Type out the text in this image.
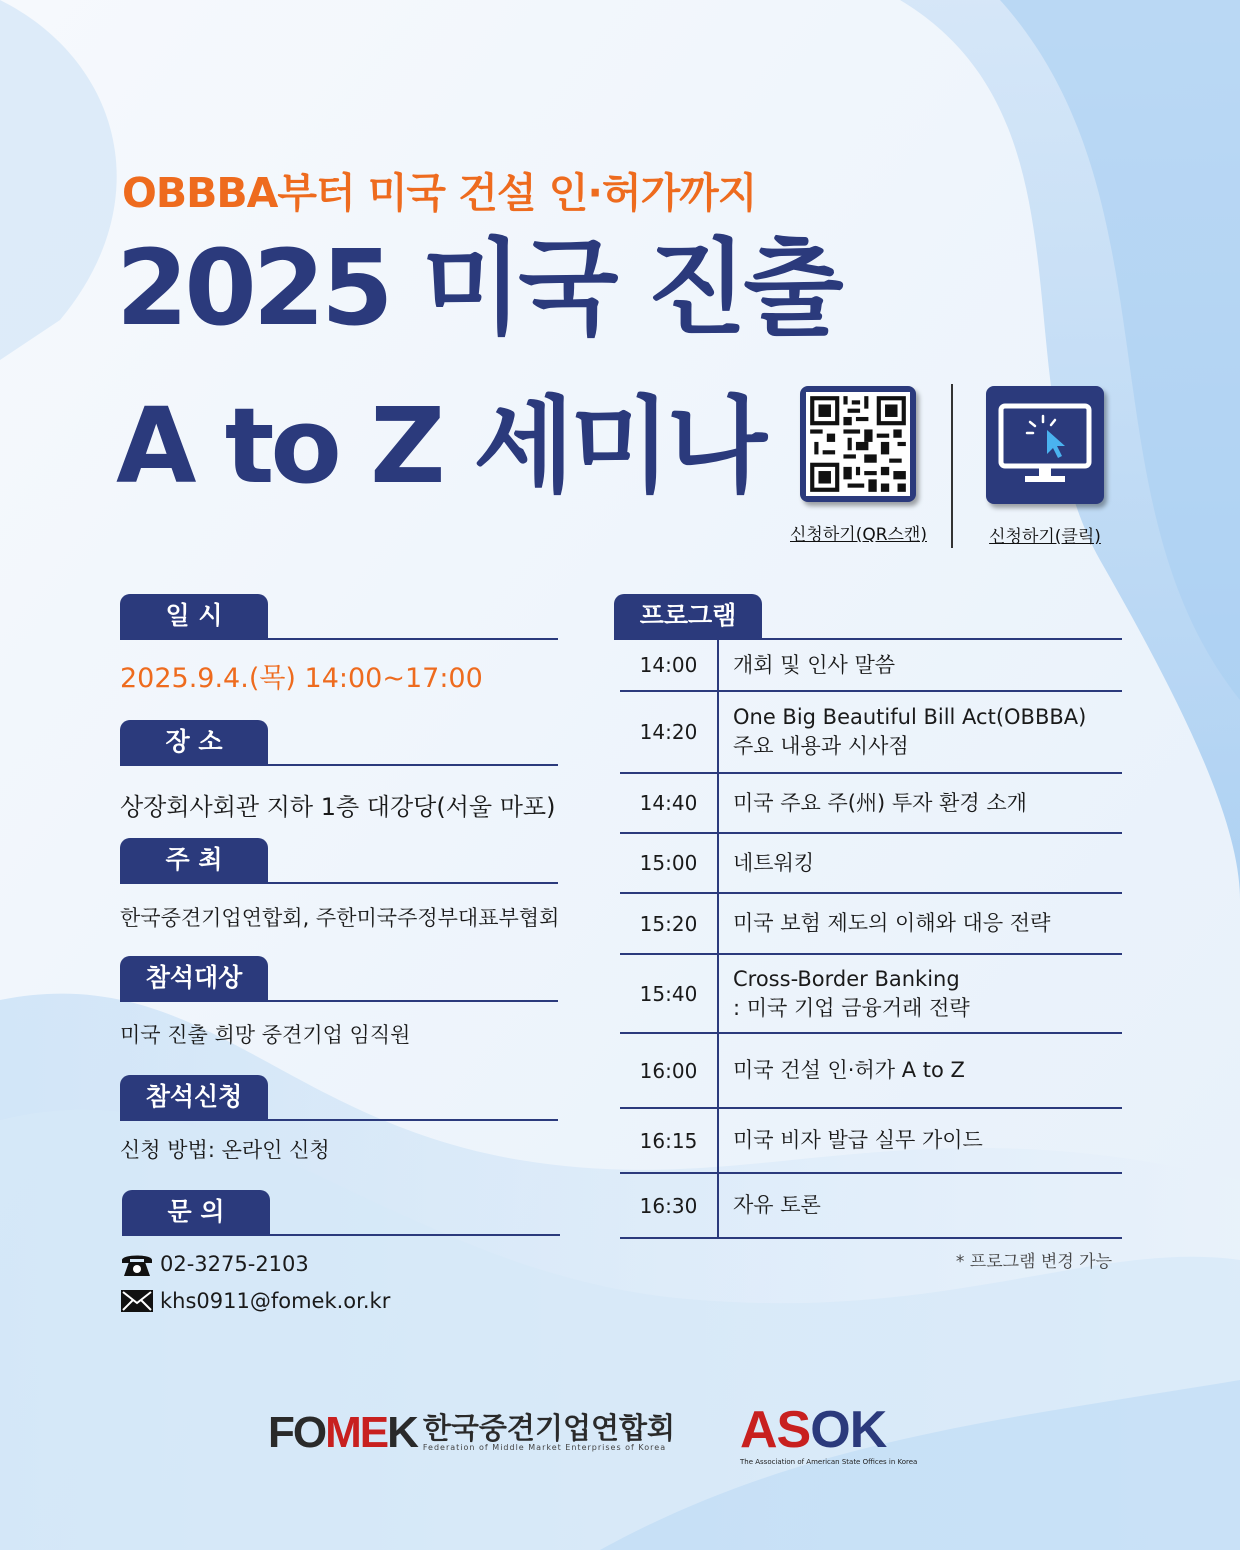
OBBBA부터 미국 건설 인·허가까지
2025 미국 진출
A to Z 세미나
신청하기(QR스캔)	신청하기(클릭)
일 시
2025.9.4.(목) 14:00~17:00
장 소
상장회사회관 지하 1층 대강당(서울 마포)
주 최
한국중견기업연합회, 주한미국주정부대표부협회
참석대상
미국 진출 희망 중견기업 임직원
참석신청
신청 방법: 온라인 신청
문 의
02-3275-2103
khs0911@fomek.or.kr
프로그램
14:00	개회 및 인사 말씀
14:20
One Big Beautiful Bill Act(OBBBA)
주요 내용과 시사점
14:40	미국 주요 주(州) 투자 환경 소개
15:00	네트워킹
15:20	미국 보험 제도의 이해와 대응 전략
15:40
Cross-Border Banking
: 미국 기업 금융거래 전략
16:00	미국 건설 인·허가 A to Z
16:15	미국 비자 발급 실무 가이드
16:30	자유 토론
* 프로그램 변경 가능
FOMEK 한국중견기업연합회
Federation of Middle Market Enterprises of Korea ASOK
The Association of American State Offices in Korea
